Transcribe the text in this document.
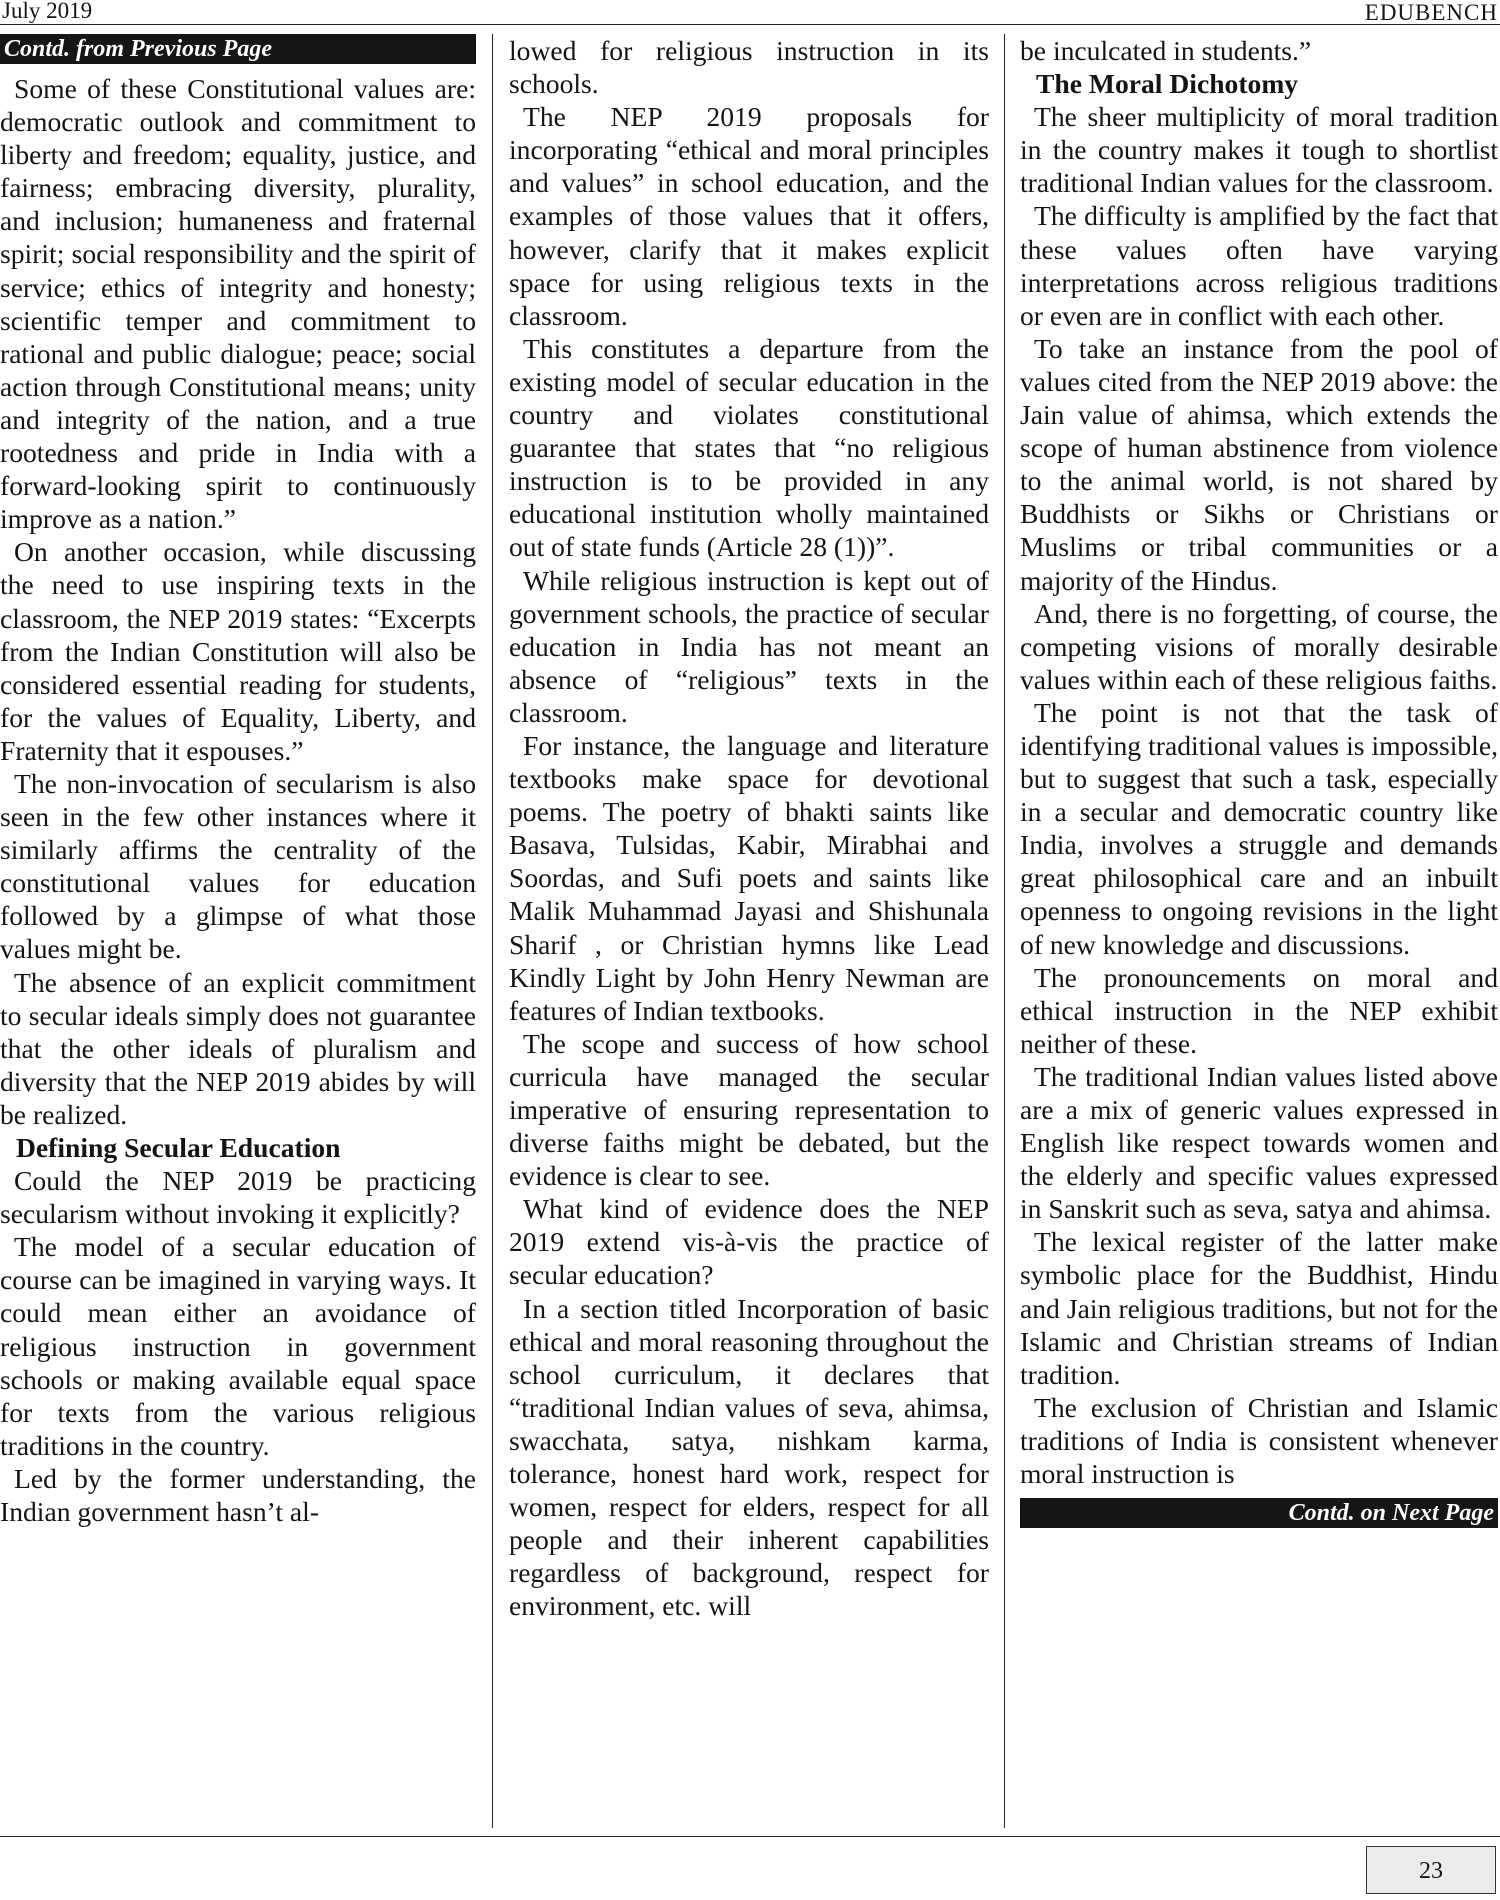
July 2019	EDUBENCH
Contd. from Previous Page

Some of these Constitutional values are: democratic outlook and commitment to liberty and freedom; equality, justice, and fairness; embracing diversity, plurality, and inclusion; humaneness and fraternal spirit; social responsibility and the spirit of service; ethics of integrity and honesty; scientific temper and commitment to rational and public dialogue; peace; social action through Constitutional means; unity and integrity of the nation, and a true rootedness and pride in India with a forward-looking spirit to continuously improve as a nation.”

On another occasion, while discussing the need to use inspiring texts in the classroom, the NEP 2019 states: “Excerpts from the Indian Constitution will also be considered essential reading for students, for the values of Equality, Liberty, and Fraternity that it espouses.”

The non-invocation of secularism is also seen in the few other instances where it similarly affirms the centrality of the constitutional values for education followed by a glimpse of what those values might be.

The absence of an explicit commitment to secular ideals simply does not guarantee that the other ideals of pluralism and diversity that the NEP 2019 abides by will be realized.

Defining Secular Education

Could the NEP 2019 be practicing secularism without invoking it explicitly?

The model of a secular education of course can be imagined in varying ways. It could mean either an avoidance of religious instruction in government schools or making available equal space for texts from the various religious traditions in the country.

Led by the former understanding, the Indian government hasn’t al-

lowed for religious instruction in its schools.

The NEP 2019 proposals for incorporating “ethical and moral principles and values” in school education, and the examples of those values that it offers, however, clarify that it makes explicit space for using religious texts in the classroom.

This constitutes a departure from the existing model of secular education in the country and violates constitutional guarantee that states that “no religious instruction is to be provided in any educational institution wholly maintained out of state funds (Article 28 (1))”.

While religious instruction is kept out of government schools, the practice of secular education in India has not meant an absence of “religious” texts in the classroom.

For instance, the language and literature textbooks make space for devotional poems. The poetry of bhakti saints like Basava, Tulsidas, Kabir, Mirabhai and Soordas, and Sufi poets and saints like Malik Muhammad Jayasi and Shishunala Sharif , or Christian hymns like Lead Kindly Light by John Henry Newman are features of Indian textbooks.

The scope and success of how school curricula have managed the secular imperative of ensuring representation to diverse faiths might be debated, but the evidence is clear to see.

What kind of evidence does the NEP 2019 extend vis-à-vis the practice of secular education?

In a section titled Incorporation of basic ethical and moral reasoning throughout the school curriculum, it declares that “traditional Indian values of seva, ahimsa, swacchata, satya, nishkam karma, tolerance, honest hard work, respect for women, respect for elders, respect for all people and their inherent capabilities regardless of background, respect for environment, etc. will

be inculcated in students.”

The Moral Dichotomy

The sheer multiplicity of moral tradition in the country makes it tough to shortlist traditional Indian values for the classroom.

The difficulty is amplified by the fact that these values often have varying interpretations across religious traditions or even are in conflict with each other.

To take an instance from the pool of values cited from the NEP 2019 above: the Jain value of ahimsa, which extends the scope of human abstinence from violence to the animal world, is not shared by Buddhists or Sikhs or Christians or Muslims or tribal communities or a majority of the Hindus.

And, there is no forgetting, of course, the competing visions of morally desirable values within each of these religious faiths.

The point is not that the task of identifying traditional values is impossible, but to suggest that such a task, especially in a secular and democratic country like India, involves a struggle and demands great philosophical care and an inbuilt openness to ongoing revisions in the light of new knowledge and discussions.

The pronouncements on moral and ethical instruction in the NEP exhibit neither of these.

The traditional Indian values listed above are a mix of generic values expressed in English like respect towards women and the elderly and specific values expressed in Sanskrit such as seva, satya and ahimsa.

The lexical register of the latter make symbolic place for the Buddhist, Hindu and Jain religious traditions, but not for the Islamic and Christian streams of Indian tradition.

The exclusion of Christian and Islamic traditions of India is consistent whenever moral instruction is

Contd. on Next Page
23
